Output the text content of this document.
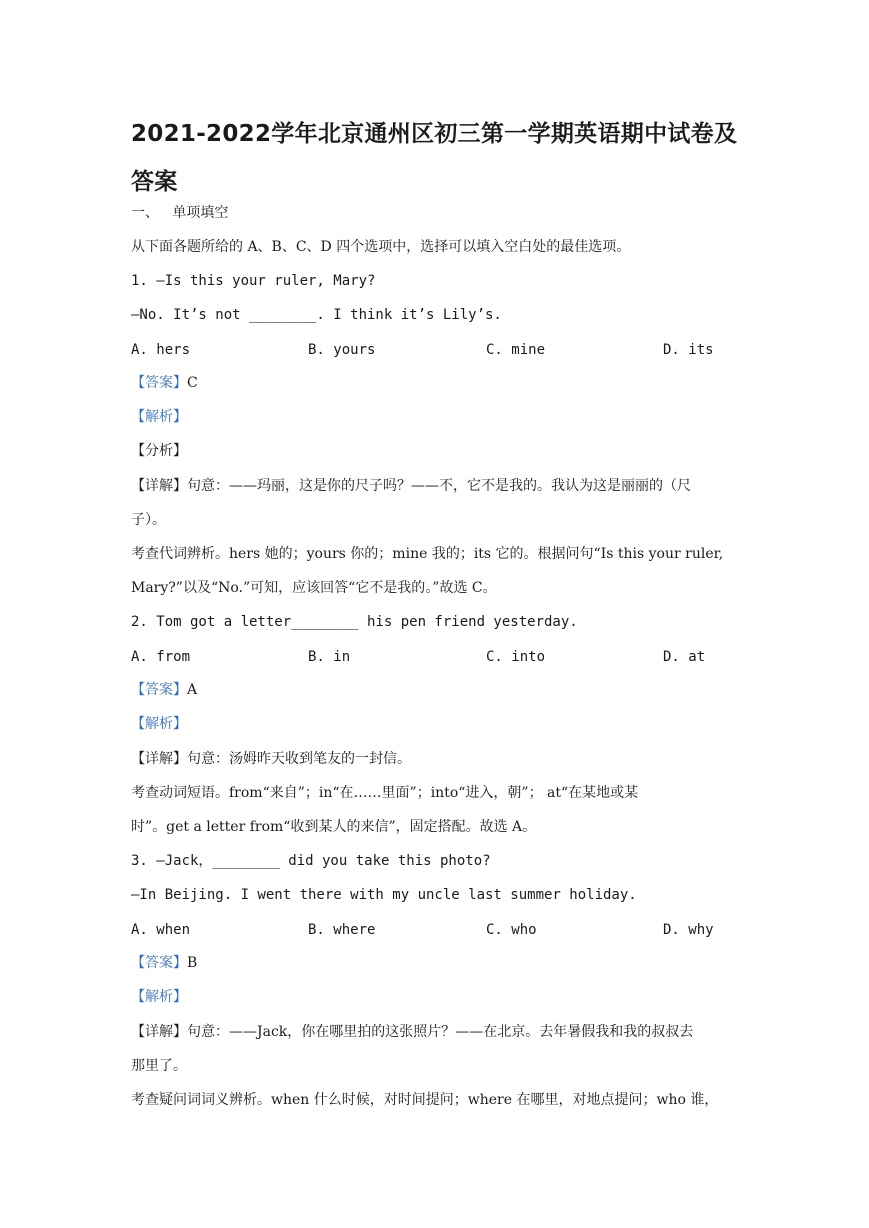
2021-2022学年北京通州区初三第一学期英语期中试卷及答案
一、 单项填空
从下面各题所给的 A、B、C、D 四个选项中，选择可以填入空白处的最佳选项。
1. —Is this your ruler, Mary?
—No. It’s not ________. I think it’s Lily’s.
A. hers	B. yours	C. mine	D. its
【答案】C
【解析】
【分析】
【详解】句意：——玛丽，这是你的尺子吗？——不，它不是我的。我认为这是丽丽的（尺
子）。
考查代词辨析。hers 她的；yours 你的；mine 我的；its 它的。根据问句“Is this your ruler,
Mary?”以及“No.”可知，应该回答“它不是我的。”故选 C。
2. Tom got a letter________ his pen friend yesterday.
A. from	B. in	C. into	D. at
【答案】A
【解析】
【详解】句意：汤姆昨天收到笔友的一封信。
考查动词短语。from“来自”；in“在……里面”；into“进入，朝”； at“在某地或某
时”。get a letter from“收到某人的来信”，固定搭配。故选 A。
3. —Jack，________ did you take this photo?
—In Beijing. I went there with my uncle last summer holiday.
A. when	B. where	C. who	D. why
【答案】B
【解析】
【详解】句意：——Jack，你在哪里拍的这张照片？——在北京。去年暑假我和我的叔叔去
那里了。
考查疑问词词义辨析。when 什么时候，对时间提问；where 在哪里，对地点提问；who 谁，
